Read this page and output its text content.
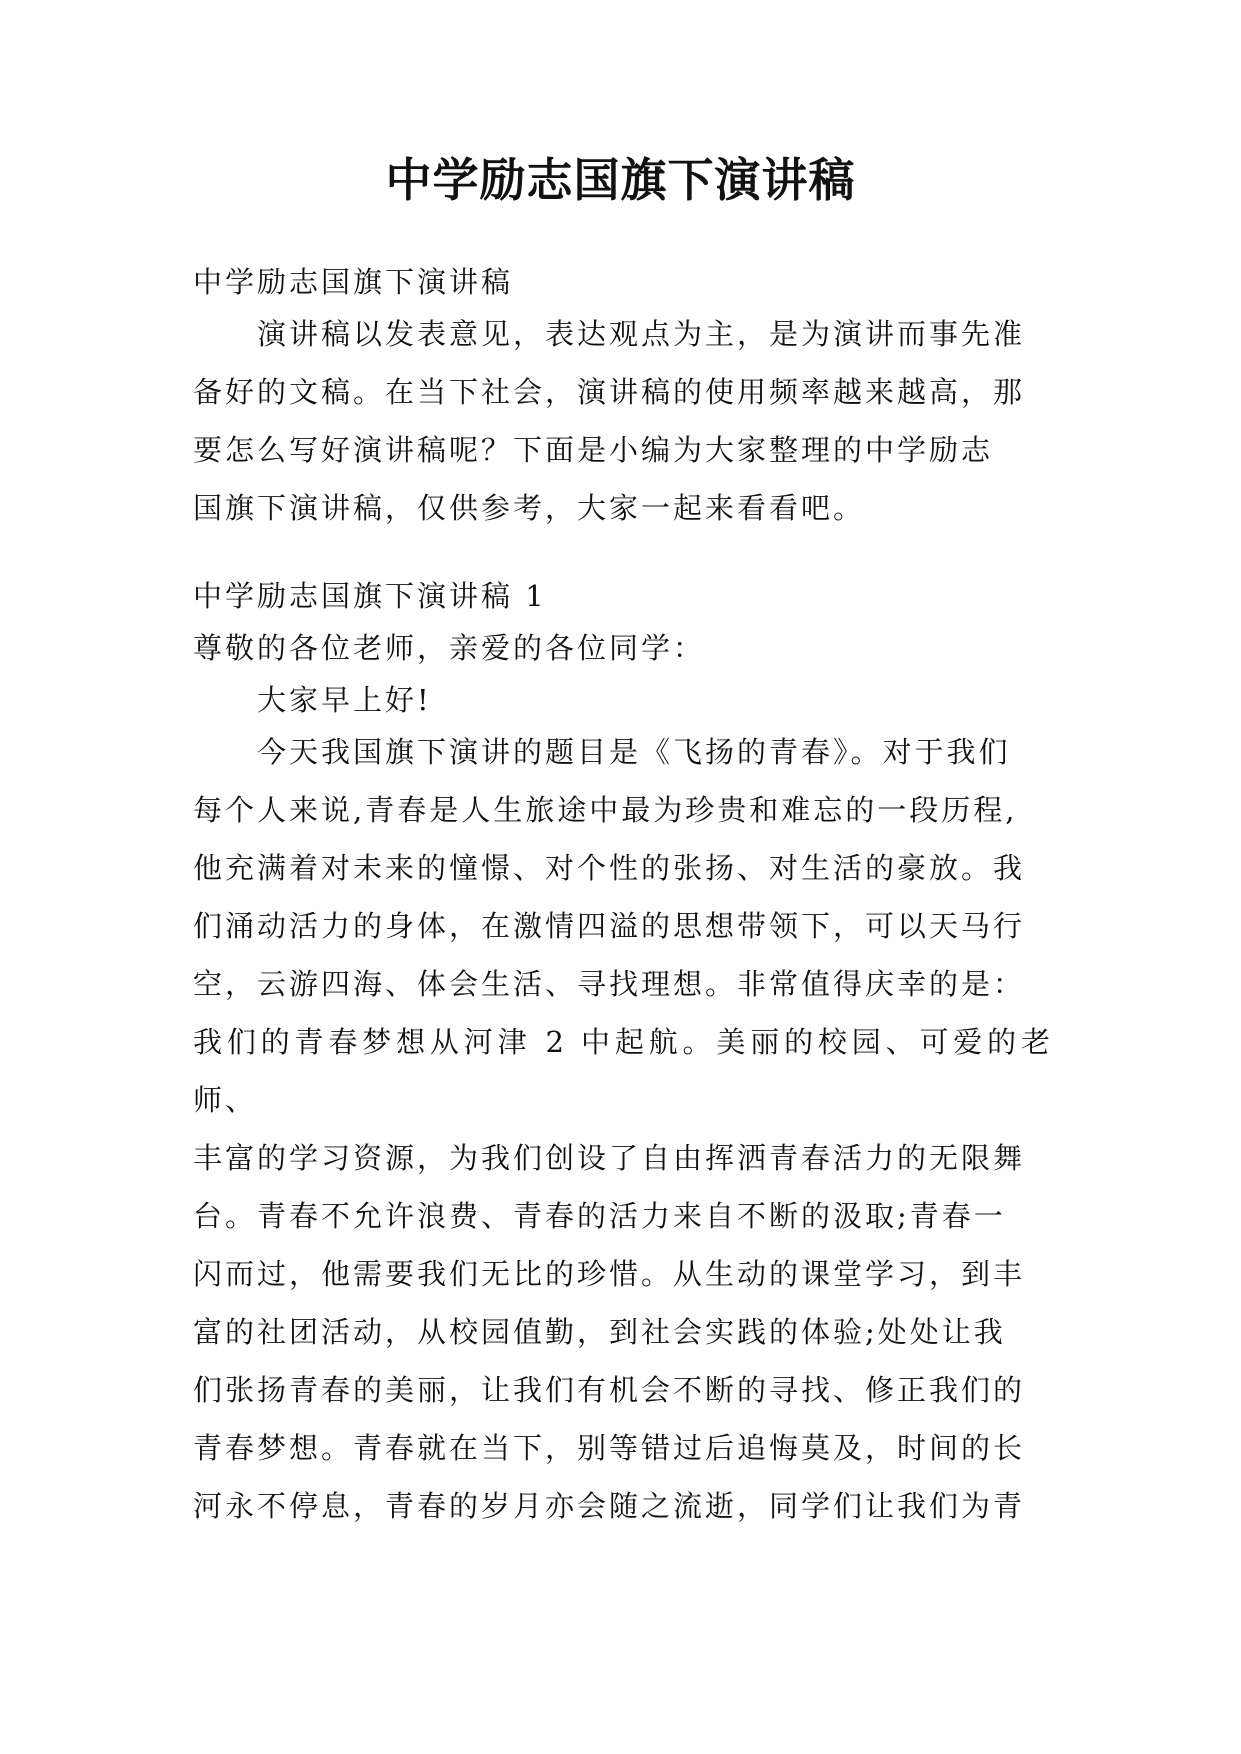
中学励志国旗下演讲稿

中学励志国旗下演讲稿

演讲稿以发表意见，表达观点为主，是为演讲而事先准
备好的文稿。在当下社会，演讲稿的使用频率越来越高，那
要怎么写好演讲稿呢？下面是小编为大家整理的中学励志
国旗下演讲稿，仅供参考，大家一起来看看吧。

中学励志国旗下演讲稿 1

尊敬的各位老师，亲爱的各位同学：

大家早上好!

今天我国旗下演讲的题目是《飞扬的青春》。对于我们
每个人来说,青春是人生旅途中最为珍贵和难忘的一段历程,
他充满着对未来的憧憬、对个性的张扬、对生活的豪放。我
们涌动活力的身体，在激情四溢的思想带领下，可以天马行
空，云游四海、体会生活、寻找理想。非常值得庆幸的是：
我们的青春梦想从河津 2 中起航。美丽的校园、可爱的老师、
丰富的学习资源，为我们创设了自由挥洒青春活力的无限舞
台。青春不允许浪费、青春的活力来自不断的汲取;青春一
闪而过，他需要我们无比的珍惜。从生动的课堂学习，到丰
富的社团活动，从校园值勤，到社会实践的体验;处处让我
们张扬青春的美丽，让我们有机会不断的寻找、修正我们的
青春梦想。青春就在当下，别等错过后追悔莫及，时间的长
河永不停息，青春的岁月亦会随之流逝，同学们让我们为青
